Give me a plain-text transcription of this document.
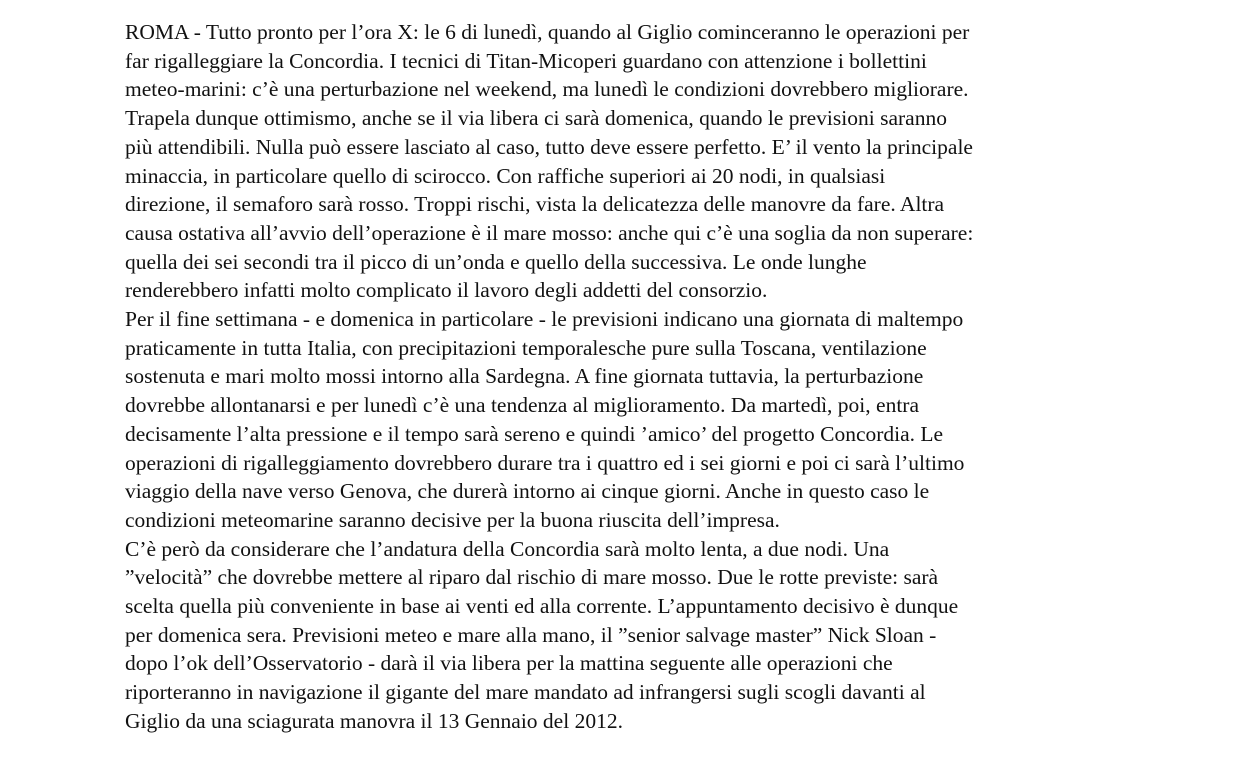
ROMA - Tutto pronto per l’ora X: le 6 di lunedì, quando al Giglio cominceranno le operazioni per
far rigalleggiare la Concordia. I tecnici di Titan-Micoperi guardano con attenzione i bollettini
meteo-marini: c’è una perturbazione nel weekend, ma lunedì le condizioni dovrebbero migliorare.
Trapela dunque ottimismo, anche se il via libera ci sarà domenica, quando le previsioni saranno
più attendibili. Nulla può essere lasciato al caso, tutto deve essere perfetto. E’ il vento la principale
minaccia, in particolare quello di scirocco. Con raffiche superiori ai 20 nodi, in qualsiasi
direzione, il semaforo sarà rosso. Troppi rischi, vista la delicatezza delle manovre da fare. Altra
causa ostativa all’avvio dell’operazione è il mare mosso: anche qui c’è una soglia da non superare:
quella dei sei secondi tra il picco di un’onda e quello della successiva. Le onde lunghe
renderebbero infatti molto complicato il lavoro degli addetti del consorzio.
Per il fine settimana - e domenica in particolare - le previsioni indicano una giornata di maltempo
praticamente in tutta Italia, con precipitazioni temporalesche pure sulla Toscana, ventilazione
sostenuta e mari molto mossi intorno alla Sardegna. A fine giornata tuttavia, la perturbazione
dovrebbe allontanarsi e per lunedì c’è una tendenza al miglioramento. Da martedì, poi, entra
decisamente l’alta pressione e il tempo sarà sereno e quindi ’amico’ del progetto Concordia. Le
operazioni di rigalleggiamento dovrebbero durare tra i quattro ed i sei giorni e poi ci sarà l’ultimo
viaggio della nave verso Genova, che durerà intorno ai cinque giorni. Anche in questo caso le
condizioni meteomarine saranno decisive per la buona riuscita dell’impresa.
C’è però da considerare che l’andatura della Concordia sarà molto lenta, a due nodi. Una
”velocità” che dovrebbe mettere al riparo dal rischio di mare mosso. Due le rotte previste: sarà
scelta quella più conveniente in base ai venti ed alla corrente. L’appuntamento decisivo è dunque
per domenica sera. Previsioni meteo e mare alla mano, il ”senior salvage master” Nick Sloan -
dopo l’ok dell’Osservatorio - darà il via libera per la mattina seguente alle operazioni che
riporteranno in navigazione il gigante del mare mandato ad infrangersi sugli scogli davanti al
Giglio da una sciagurata manovra il 13 Gennaio del 2012.
